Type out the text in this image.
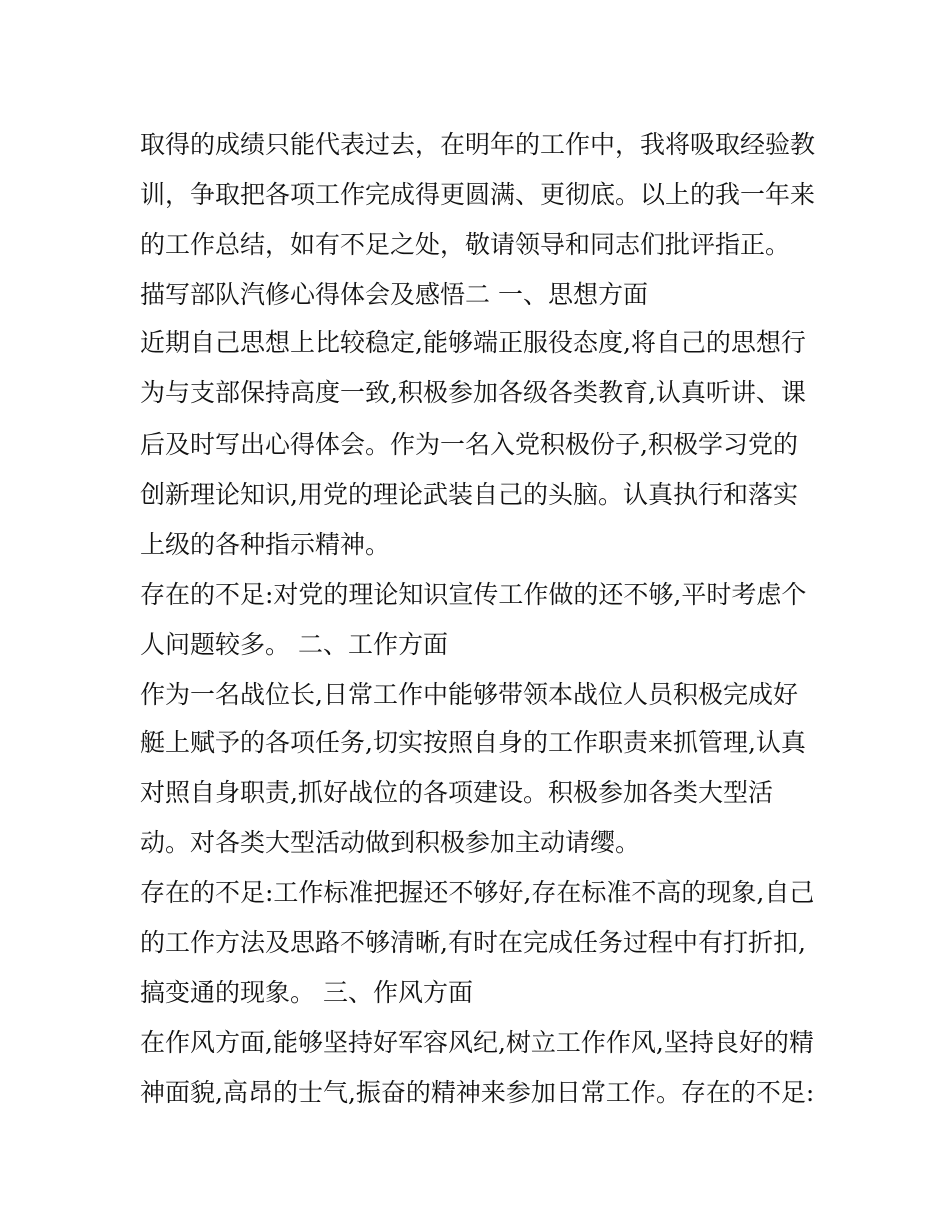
取得的成绩只能代表过去，在明年的工作中，我将吸取经验教
训，争取把各项工作完成得更圆满、更彻底。以上的我一年来
的工作总结，如有不足之处，敬请领导和同志们批评指正。
描写部队汽修心得体会及感悟二 一、思想方面
近期自己思想上比较稳定,能够端正服役态度,将自己的思想行
为与支部保持高度一致,积极参加各级各类教育,认真听讲、课
后及时写出心得体会。作为一名入党积极份子,积极学习党的
创新理论知识,用党的理论武装自己的头脑。认真执行和落实
上级的各种指示精神。
存在的不足:对党的理论知识宣传工作做的还不够,平时考虑个
人问题较多。 二、工作方面
作为一名战位长,日常工作中能够带领本战位人员积极完成好
艇上赋予的各项任务,切实按照自身的工作职责来抓管理,认真
对照自身职责,抓好战位的各项建设。积极参加各类大型活
动。对各类大型活动做到积极参加主动请缨。
存在的不足:工作标准把握还不够好,存在标准不高的现象,自己
的工作方法及思路不够清晰,有时在完成任务过程中有打折扣,
搞变通的现象。 三、作风方面
在作风方面,能够坚持好军容风纪,树立工作作风,坚持良好的精
神面貌,高昂的士气,振奋的精神来参加日常工作。存在的不足:
